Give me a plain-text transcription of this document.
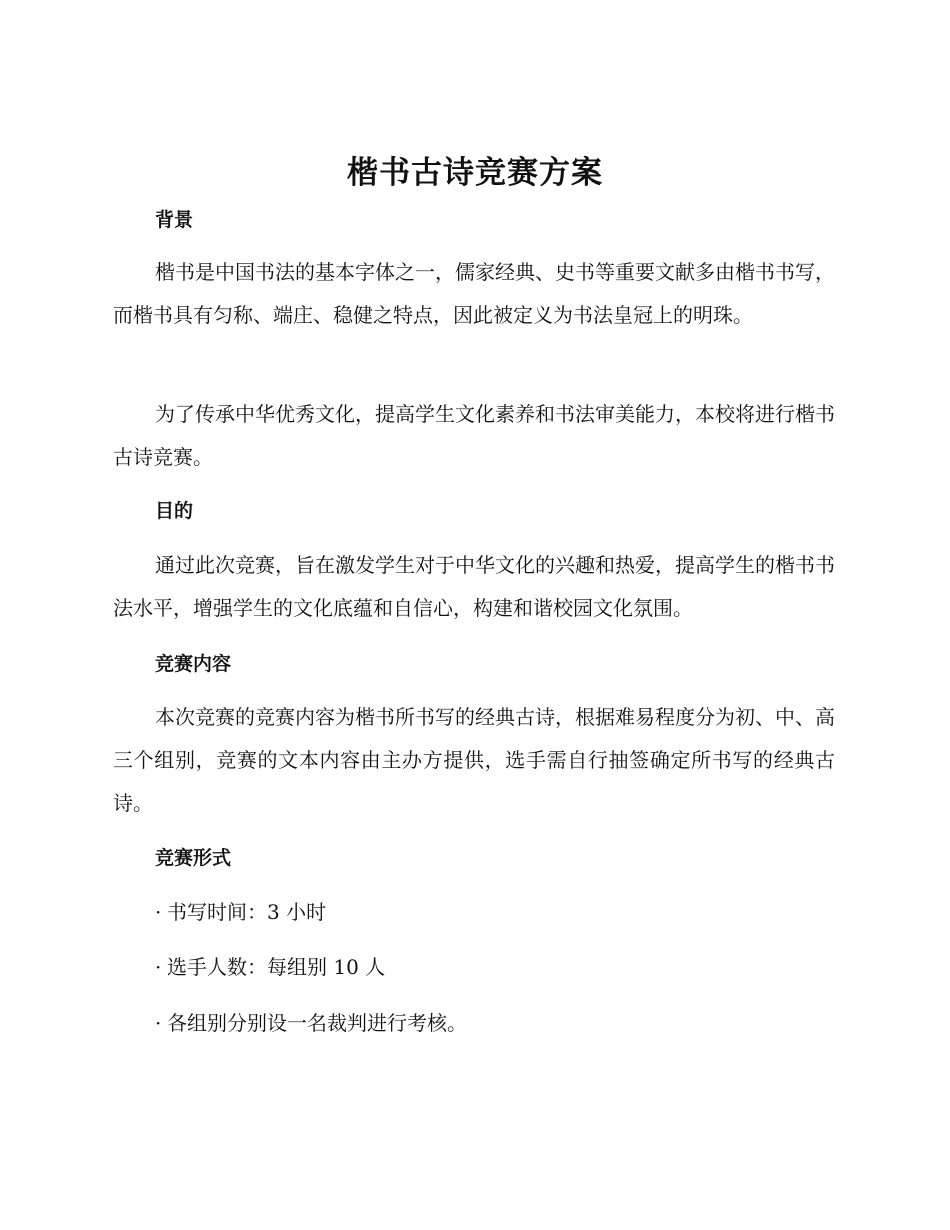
楷书古诗竞赛方案
背景

楷书是中国书法的基本字体之一，儒家经典、史书等重要文献多由楷书书写，而楷书具有匀称、端庄、稳健之特点，因此被定义为书法皇冠上的明珠。

为了传承中华优秀文化，提高学生文化素养和书法审美能力，本校将进行楷书古诗竞赛。

目的

通过此次竞赛，旨在激发学生对于中华文化的兴趣和热爱，提高学生的楷书书法水平，增强学生的文化底蕴和自信心，构建和谐校园文化氛围。

竞赛内容

本次竞赛的竞赛内容为楷书所书写的经典古诗，根据难易程度分为初、中、高三个组别，竞赛的文本内容由主办方提供，选手需自行抽签确定所书写的经典古诗。

竞赛形式

· 书写时间：3 小时

· 选手人数：每组别 10 人

· 各组别分别设一名裁判进行考核。
